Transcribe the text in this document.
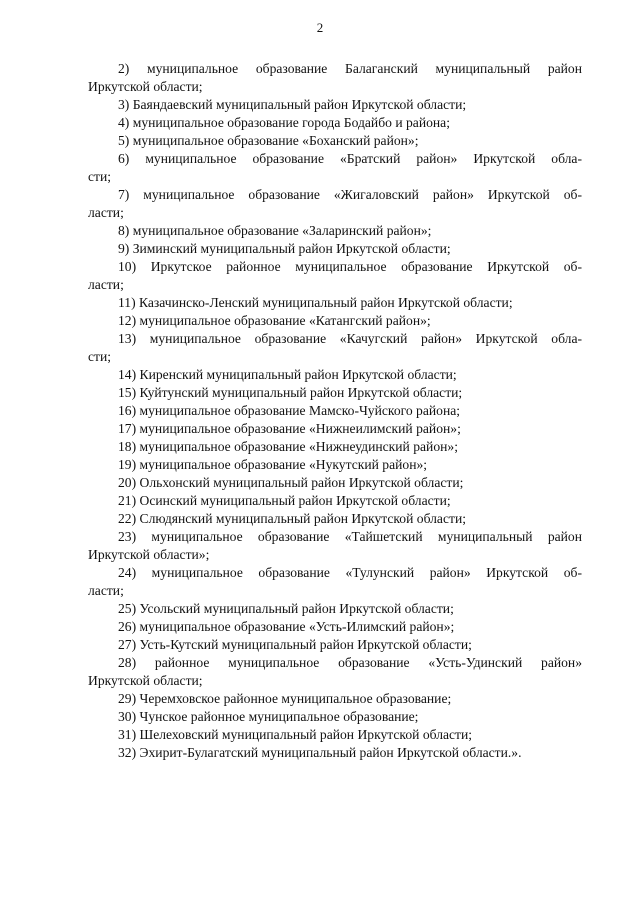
2
2) муниципальное образование Балаганский муниципальный район
Иркутской области;
3) Баяндаевский муниципальный район Иркутской области;
4) муниципальное образование города Бодайбо и района;
5) муниципальное образование «Боханский район»;
6) муниципальное образование «Братский район» Иркутской обла-
сти;
7) муниципальное образование «Жигаловский район» Иркутской об-
ласти;
8) муниципальное образование «Заларинский район»;
9) Зиминский муниципальный район Иркутской области;
10) Иркутское районное муниципальное образование Иркутской об-
ласти;
11) Казачинско-Ленский муниципальный район Иркутской области;
12) муниципальное образование «Катангский район»;
13) муниципальное образование «Качугский район» Иркутской обла-
сти;
14) Киренский муниципальный район Иркутской области;
15) Куйтунский муниципальный район Иркутской области;
16) муниципальное образование Мамско-Чуйского района;
17) муниципальное образование «Нижнеилимский район»;
18) муниципальное образование «Нижнеудинский район»;
19) муниципальное образование «Нукутский район»;
20) Ольхонский муниципальный район Иркутской области;
21) Осинский муниципальный район Иркутской области;
22) Слюдянский муниципальный район Иркутской области;
23) муниципальное образование «Тайшетский муниципальный район
Иркутской области»;
24) муниципальное образование «Тулунский район» Иркутской об-
ласти;
25) Усольский муниципальный район Иркутской области;
26) муниципальное образование «Усть-Илимский район»;
27) Усть-Кутский муниципальный район Иркутской области;
28) районное муниципальное образование «Усть-Удинский район»
Иркутской области;
29) Черемховское районное муниципальное образование;
30) Чунское районное муниципальное образование;
31) Шелеховский муниципальный район Иркутской области;
32) Эхирит-Булагатский муниципальный район Иркутской области.».
